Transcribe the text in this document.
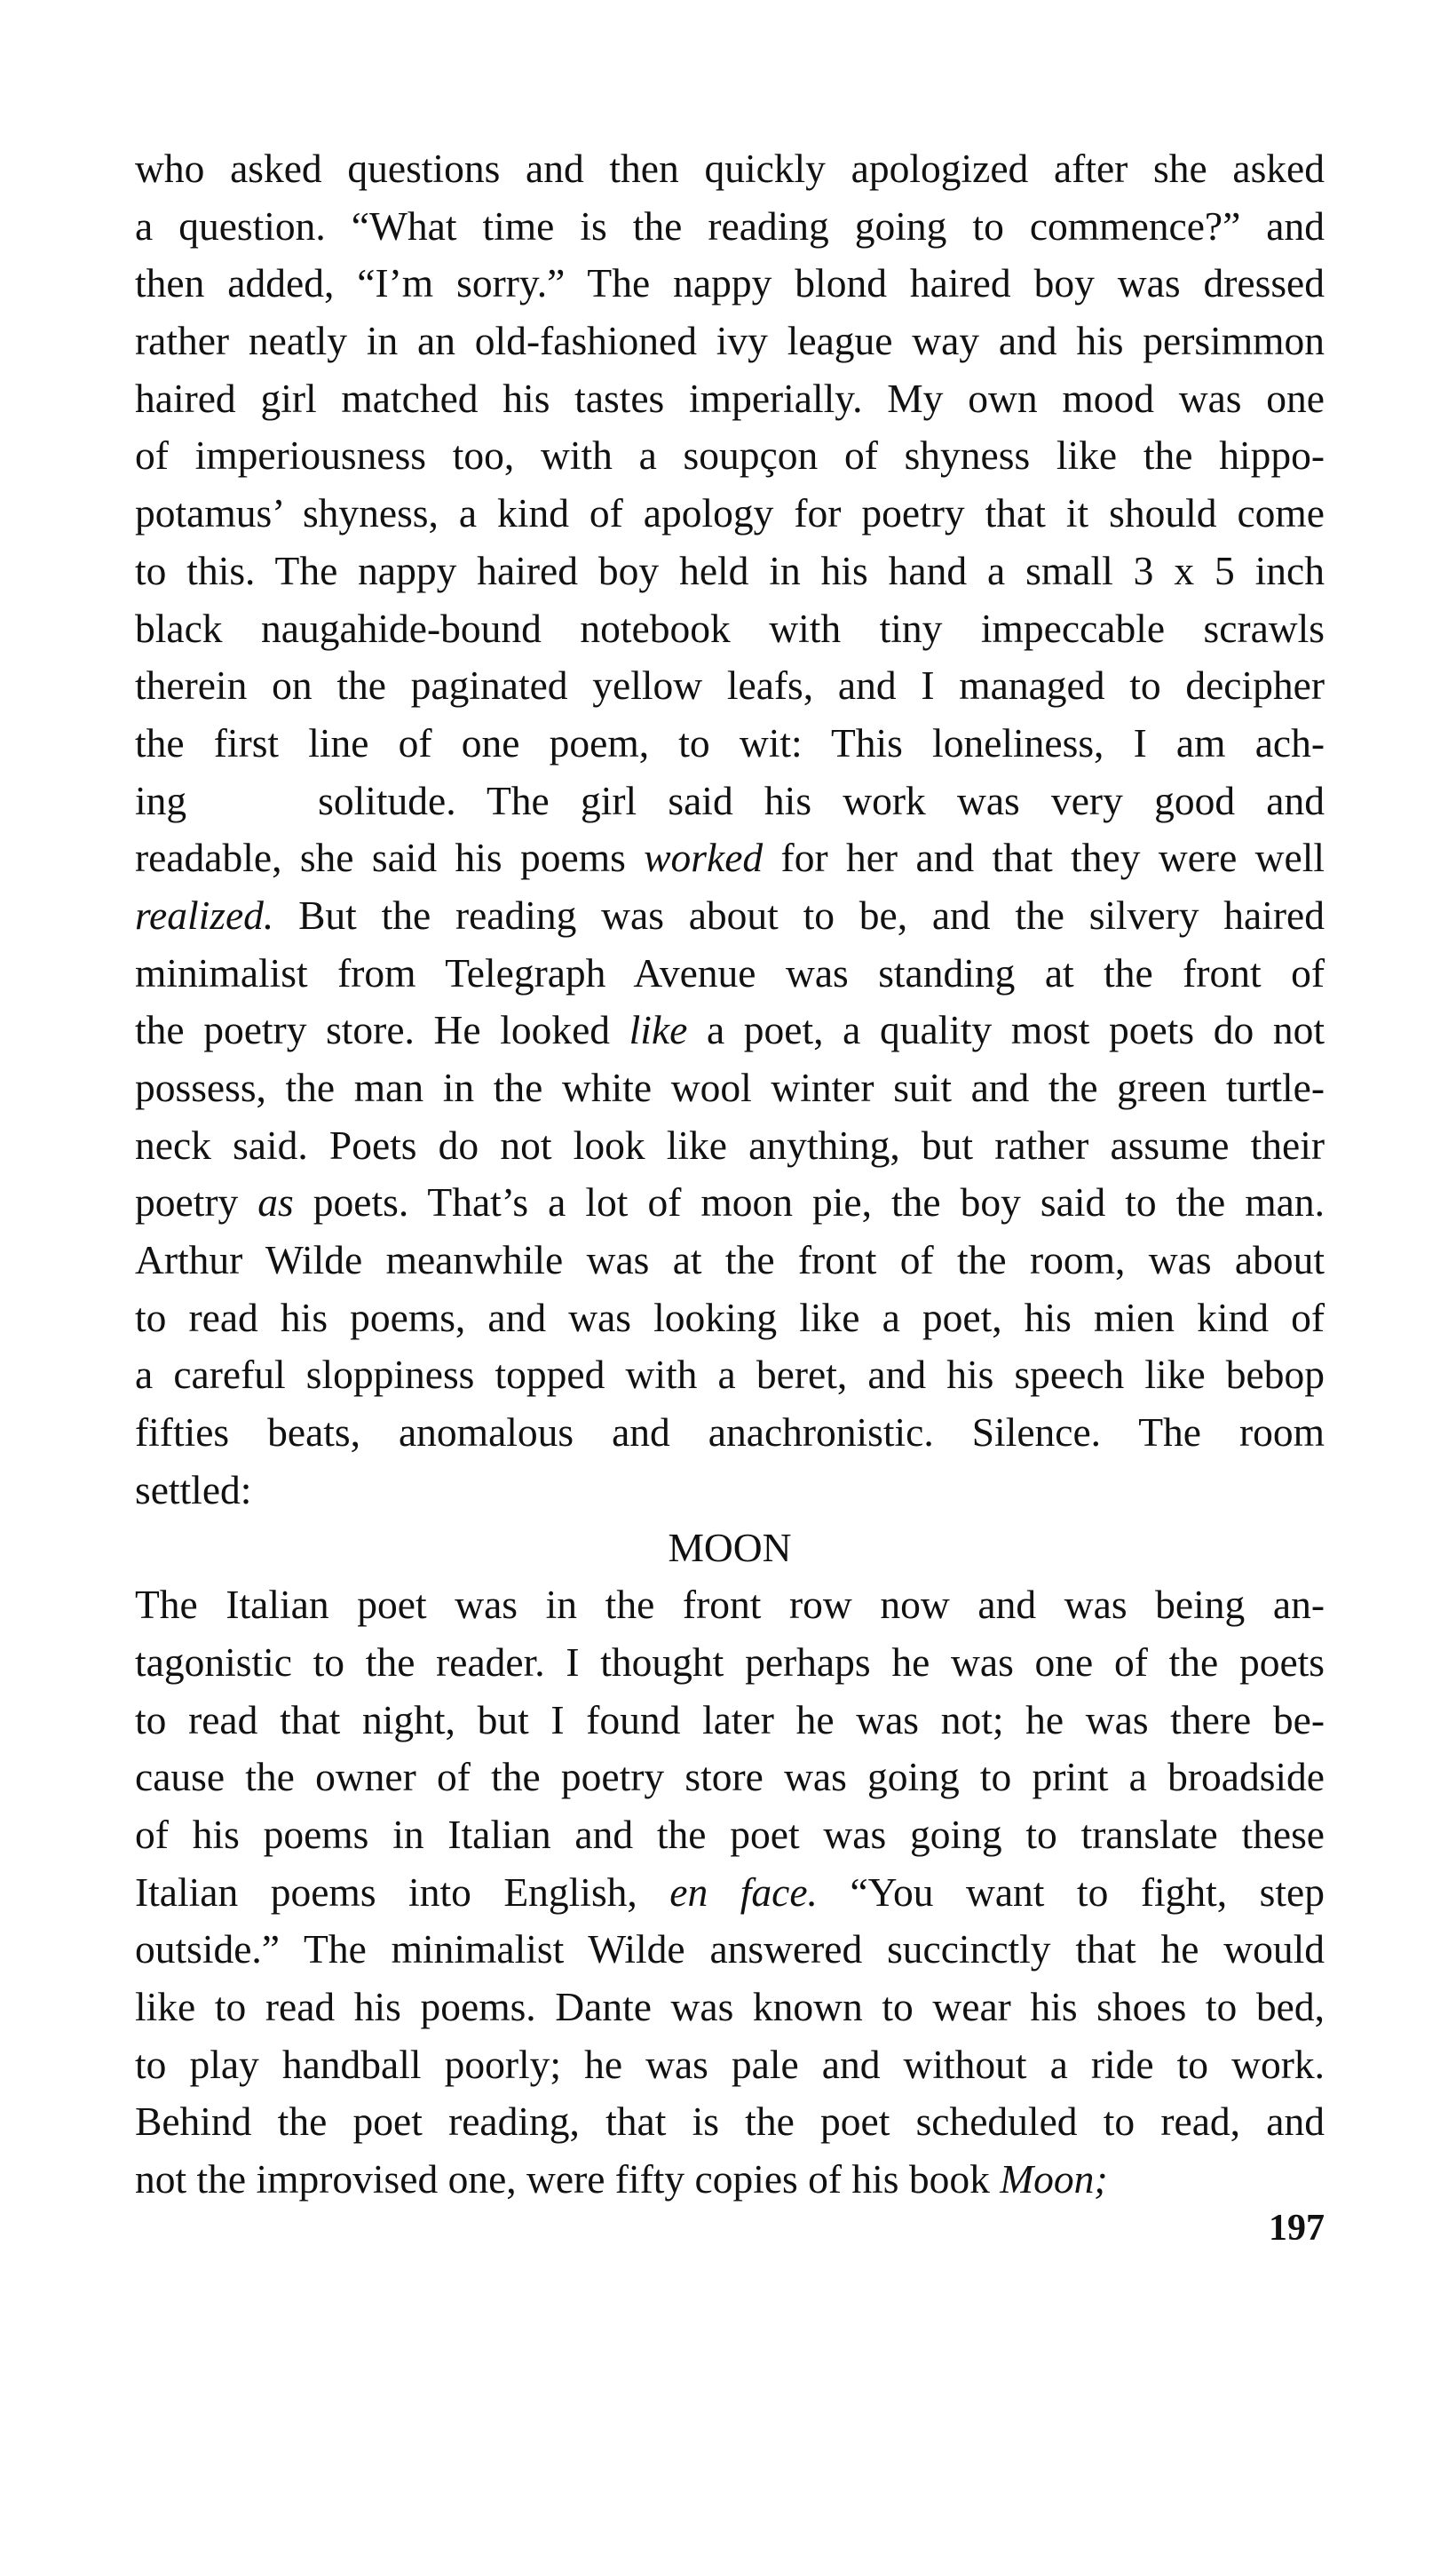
who asked questions and then quickly apologized after she asked
a question. “What time is the reading going to commence?” and
then added, “I’m sorry.” The nappy blond haired boy was dressed
rather neatly in an old-fashioned ivy league way and his persimmon
haired girl matched his tastes imperially. My own mood was one
of imperiousness too, with a soupçon of shyness like the hippo-
potamus’ shyness, a kind of apology for poetry that it should come
to this. The nappy haired boy held in his hand a small 3 x 5 inch
black naugahide-bound notebook with tiny impeccable scrawls
therein on the paginated yellow leafs, and I managed to decipher
the first line of one poem, to wit: This loneliness, I am ach-
ing	solitude. The girl said his work was very good and
readable, she said his poems worked for her and that they were well
realized. But the reading was about to be, and the silvery haired
minimalist from Telegraph Avenue was standing at the front of
the poetry store. He looked like a poet, a quality most poets do not
possess, the man in the white wool winter suit and the green turtle-
neck said. Poets do not look like anything, but rather assume their
poetry as poets. That’s a lot of moon pie, the boy said to the man.
Arthur Wilde meanwhile was at the front of the room, was about
to read his poems, and was looking like a poet, his mien kind of
a careful sloppiness topped with a beret, and his speech like bebop
fifties beats, anomalous and anachronistic. Silence. The room
settled:
MOON
The Italian poet was in the front row now and was being an-
tagonistic to the reader. I thought perhaps he was one of the poets
to read that night, but I found later he was not; he was there be-
cause the owner of the poetry store was going to print a broadside
of his poems in Italian and the poet was going to translate these
Italian poems into English, en face. “You want to fight, step
outside.” The minimalist Wilde answered succinctly that he would
like to read his poems. Dante was known to wear his shoes to bed,
to play handball poorly; he was pale and without a ride to work.
Behind the poet reading, that is the poet scheduled to read, and
not the improvised one, were fifty copies of his book Moon;
197
